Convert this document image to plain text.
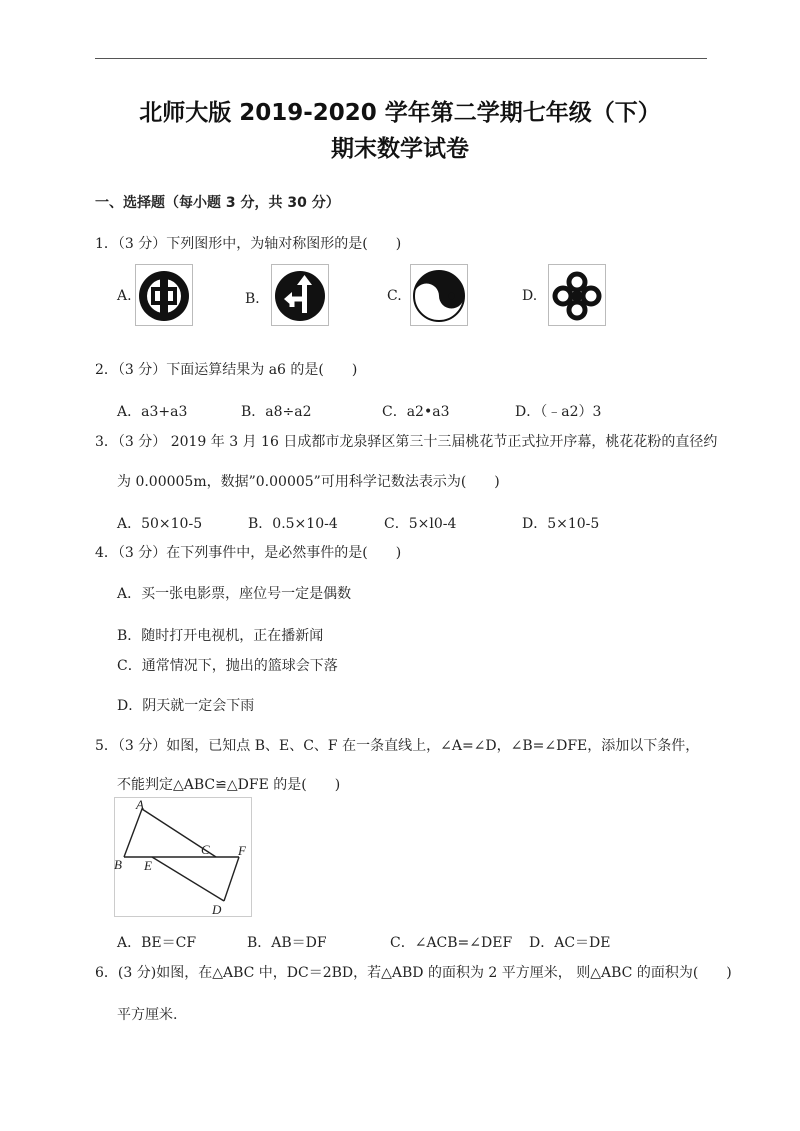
北师大版 2019-2020 学年第二学期七年级（下）
期末数学试卷
一、选择题（每小题 3 分，共 30 分）
1．（3 分）下列图形中，为轴对称图形的是(　　)
A.	B．	C.	D.
2．（3 分）下面运算结果为 a6 的是(　　)
A．a3+a3	B．a8÷a2	C．a2•a3	D．（﹣a2）3
3．（3 分） 2019 年 3 月 16 日成都市龙泉驿区第三十三届桃花节正式拉开序幕，桃花花粉的直径约
为 0.00005m，数据”0.00005”可用科学记数法表示为(　　)
A．50×10-5	B．0.5×10-4	C．5×l0-4	D．5×10-5
4．（3 分）在下列事件中，是必然事件的是(　　)
A．买一张电影票，座位号一定是偶数
B．随时打开电视机，正在播新闻
C．通常情况下，抛出的篮球会下落
D．阴天就一定会下雨
5．（3 分）如图，已知点 B、E、C、F 在一条直线上，∠A=∠D，∠B=∠DFE，添加以下条件，
不能判定△ABC≌△DFE 的是(　　)
A
B E
C F
D
A．BE＝CF	B．AB＝DF	C．∠ACB=∠DEF D．AC＝DE
6．(3 分)如图，在△ABC 中，DC＝2BD，若△ABD 的面积为 2 平方厘米， 则△ABC 的面积为(　　)
平方厘米.
